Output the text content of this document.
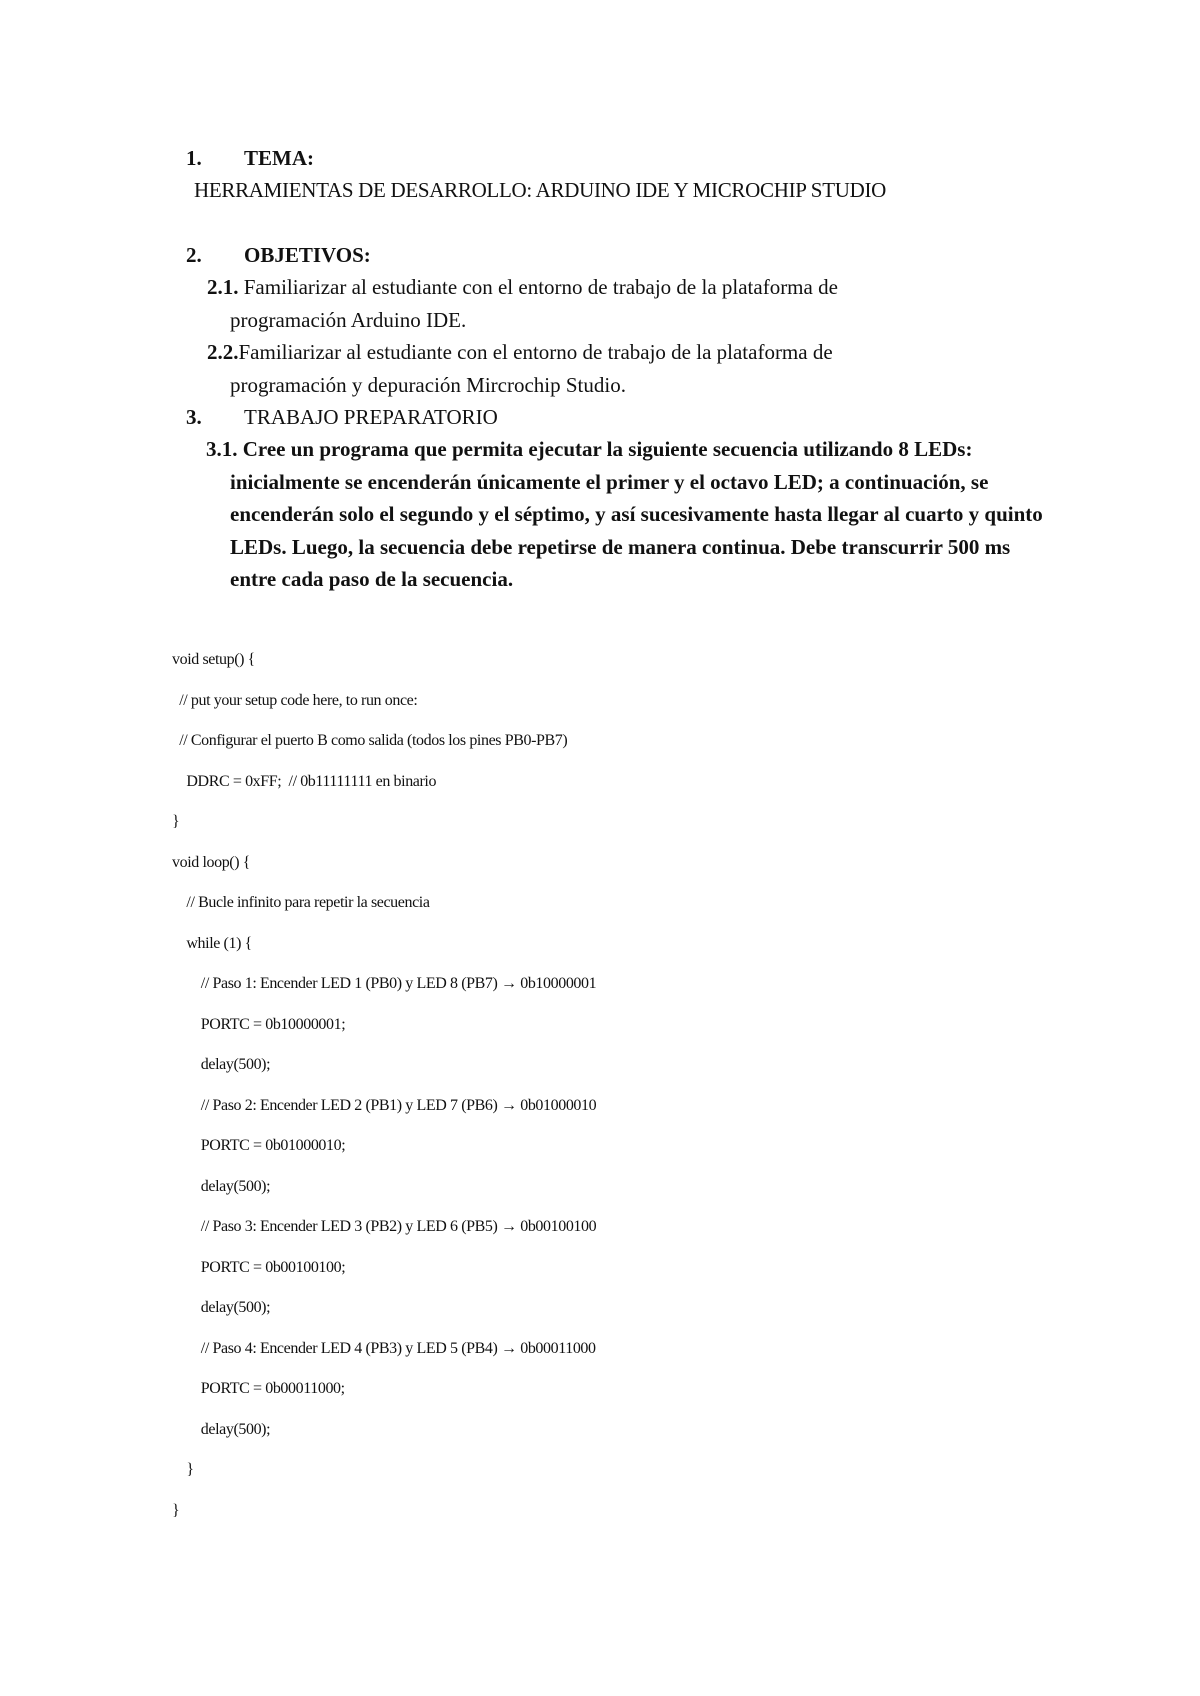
1. TEMA:
HERRAMIENTAS DE DESARROLLO: ARDUINO IDE Y MICROCHIP STUDIO
2. OBJETIVOS:
2.1. Familiarizar al estudiante con el entorno de trabajo de la plataforma de
programación Arduino IDE.
2.2.Familiarizar al estudiante con el entorno de trabajo de la plataforma de
programación y depuración Mircrochip Studio.
3. TRABAJO PREPARATORIO
3.1. Cree un programa que permita ejecutar la siguiente secuencia utilizando 8 LEDs: inicialmente se encenderán únicamente el primer y el octavo LED; a continuación, se encenderán solo el segundo y el séptimo, y así sucesivamente hasta llegar al cuarto y quinto LEDs. Luego, la secuencia debe repetirse de manera continua. Debe transcurrir 500 ms entre cada paso de la secuencia.
void setup() {
// put your setup code here, to run once:
// Configurar el puerto B como salida (todos los pines PB0-PB7)
DDRC = 0xFF;  // 0b11111111 en binario
}
void loop() {
// Bucle infinito para repetir la secuencia
while (1) {
// Paso 1: Encender LED 1 (PB0) y LED 8 (PB7) → 0b10000001
PORTC = 0b10000001;
delay(500);
// Paso 2: Encender LED 2 (PB1) y LED 7 (PB6) → 0b01000010
PORTC = 0b01000010;
delay(500);
// Paso 3: Encender LED 3 (PB2) y LED 6 (PB5) → 0b00100100
PORTC = 0b00100100;
delay(500);
// Paso 4: Encender LED 4 (PB3) y LED 5 (PB4) → 0b00011000
PORTC = 0b00011000;
delay(500);
}
}
